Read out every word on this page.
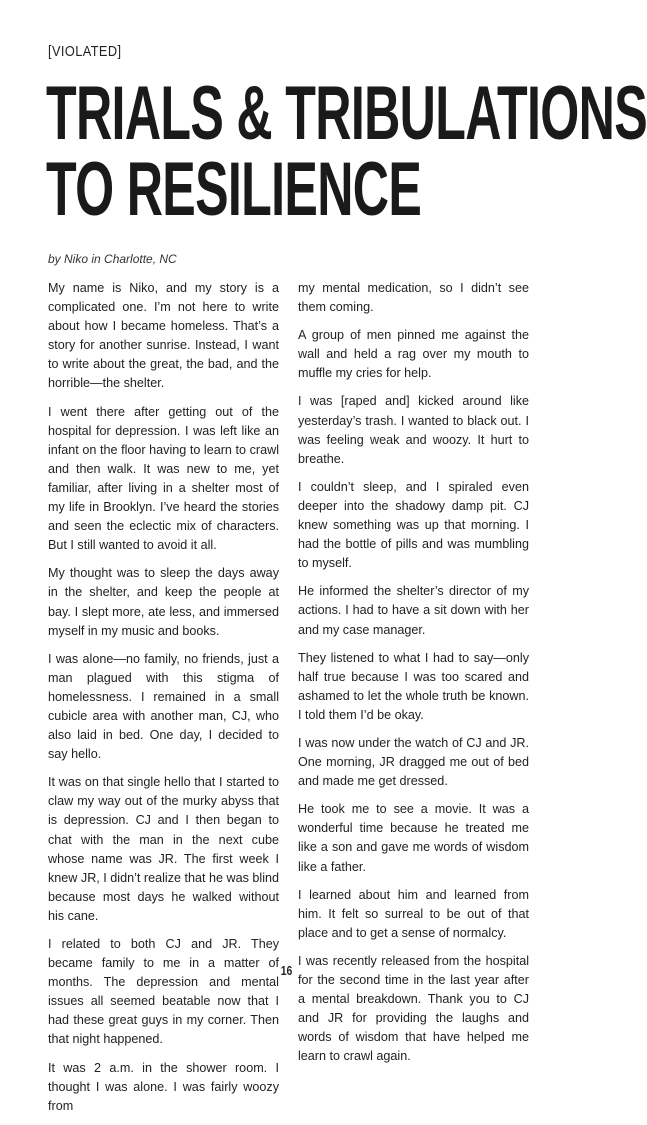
[VIOLATED]
TRIALS & TRIBULATIONS
TO RESILIENCE
by Niko in Charlotte, NC

My name is Niko, and my story is a complicated one. I’m not here to write about how I became homeless. That’s a story for another sunrise. Instead, I want to write about the great, the bad, and the horrible—the shelter.

I went there after getting out of the hospital for depression. I was left like an infant on the floor having to learn to crawl and then walk. It was new to me, yet familiar, after living in a shelter most of my life in Brooklyn. I’ve heard the stories and seen the eclectic mix of characters. But I still wanted to avoid it all.

My thought was to sleep the days away in the shelter, and keep the people at bay. I slept more, ate less, and immersed myself in my music and books.

I was alone—no family, no friends, just a man plagued with this stigma of homelessness. I remained in a small cubicle area with another man, CJ, who also laid in bed. One day, I decided to say hello.

It was on that single hello that I started to claw my way out of the murky abyss that is depression. CJ and I then began to chat with the man in the next cube whose name was JR. The first week I knew JR, I didn’t realize that he was blind because most days he walked without his cane.

I related to both CJ and JR. They became family to me in a matter of months. The depression and mental issues all seemed beatable now that I had these great guys in my corner. Then that night happened.

It was 2 a.m. in the shower room. I thought I was alone. I was fairly woozy from

my mental medication, so I didn’t see them coming.

A group of men pinned me against the wall and held a rag over my mouth to muffle my cries for help.

I was [raped and] kicked around like yesterday’s trash. I wanted to black out. I was feeling weak and woozy. It hurt to breathe.

I couldn’t sleep, and I spiraled even deeper into the shadowy damp pit. CJ knew something was up that morning. I had the bottle of pills and was mumbling to myself.

He informed the shelter’s director of my actions. I had to have a sit down with her and my case manager.

They listened to what I had to say—only half true because I was too scared and ashamed to let the whole truth be known. I told them I’d be okay.

I was now under the watch of CJ and JR. One morning, JR dragged me out of bed and made me get dressed.

He took me to see a movie. It was a wonderful time because he treated me like a son and gave me words of wisdom like a father.

I learned about him and learned from him. It felt so surreal to be out of that place and to get a sense of normalcy.

I was recently released from the hospital for the second time in the last year after a mental breakdown. Thank you to CJ and JR for providing the laughs and words of wisdom that have helped me learn to crawl again.

16
